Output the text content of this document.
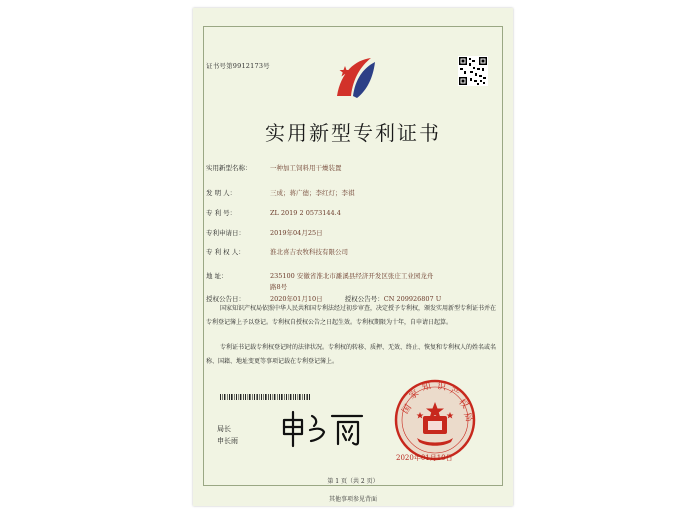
证书号第9912173号
实用新型专利证书
实用新型名称：	一种加工饲料用干燥装置
发 明 人：	三成；蒋广德；李红灯；李祺
专 利 号：	ZL 2019 2 0573144.4
专利申请日：	2019年04月25日
专 利 权 人：	淮北喜吉农牧科技有限公司
地 址：	235100 安徽省淮北市濉溪县经济开发区张庄工业园龙舟
路8号
授权公告日：	2020年01月10日	授权公告号：CN 209926807 U
国家知识产权局依照中华人民共和国专利法经过初步审查，决定授予专利权，颁发实用新型专利证书并在专利登记簿上予以登记。专利权自授权公告之日起生效。专利权期限为十年，自申请日起算。
专利证书记载专利权登记时的法律状况。专利权的转移、质押、无效、终止、恢复和专利权人的姓名或名称、国籍、地址变更等事项记载在专利登记簿上。
局长
申长雨
国
家
知 识 产
权
局
2020年01月10日
第 1 页（共 2 页）
其他事项参见背面
